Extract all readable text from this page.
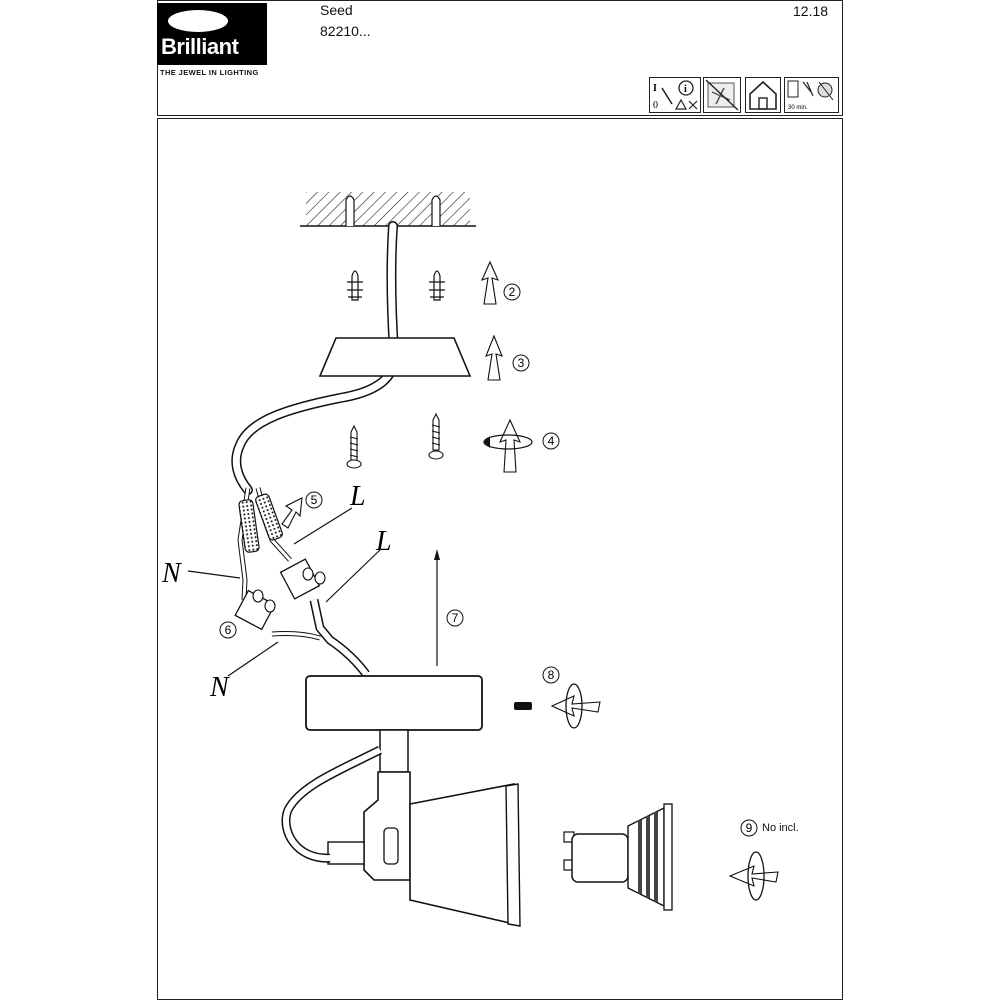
Brilliant
THE JEWEL IN LIGHTING
Seed
82210...
12.18
I
0
i
30 min.
2
3
4
5
6
7
8
9
L
L
N
N
No incl.
